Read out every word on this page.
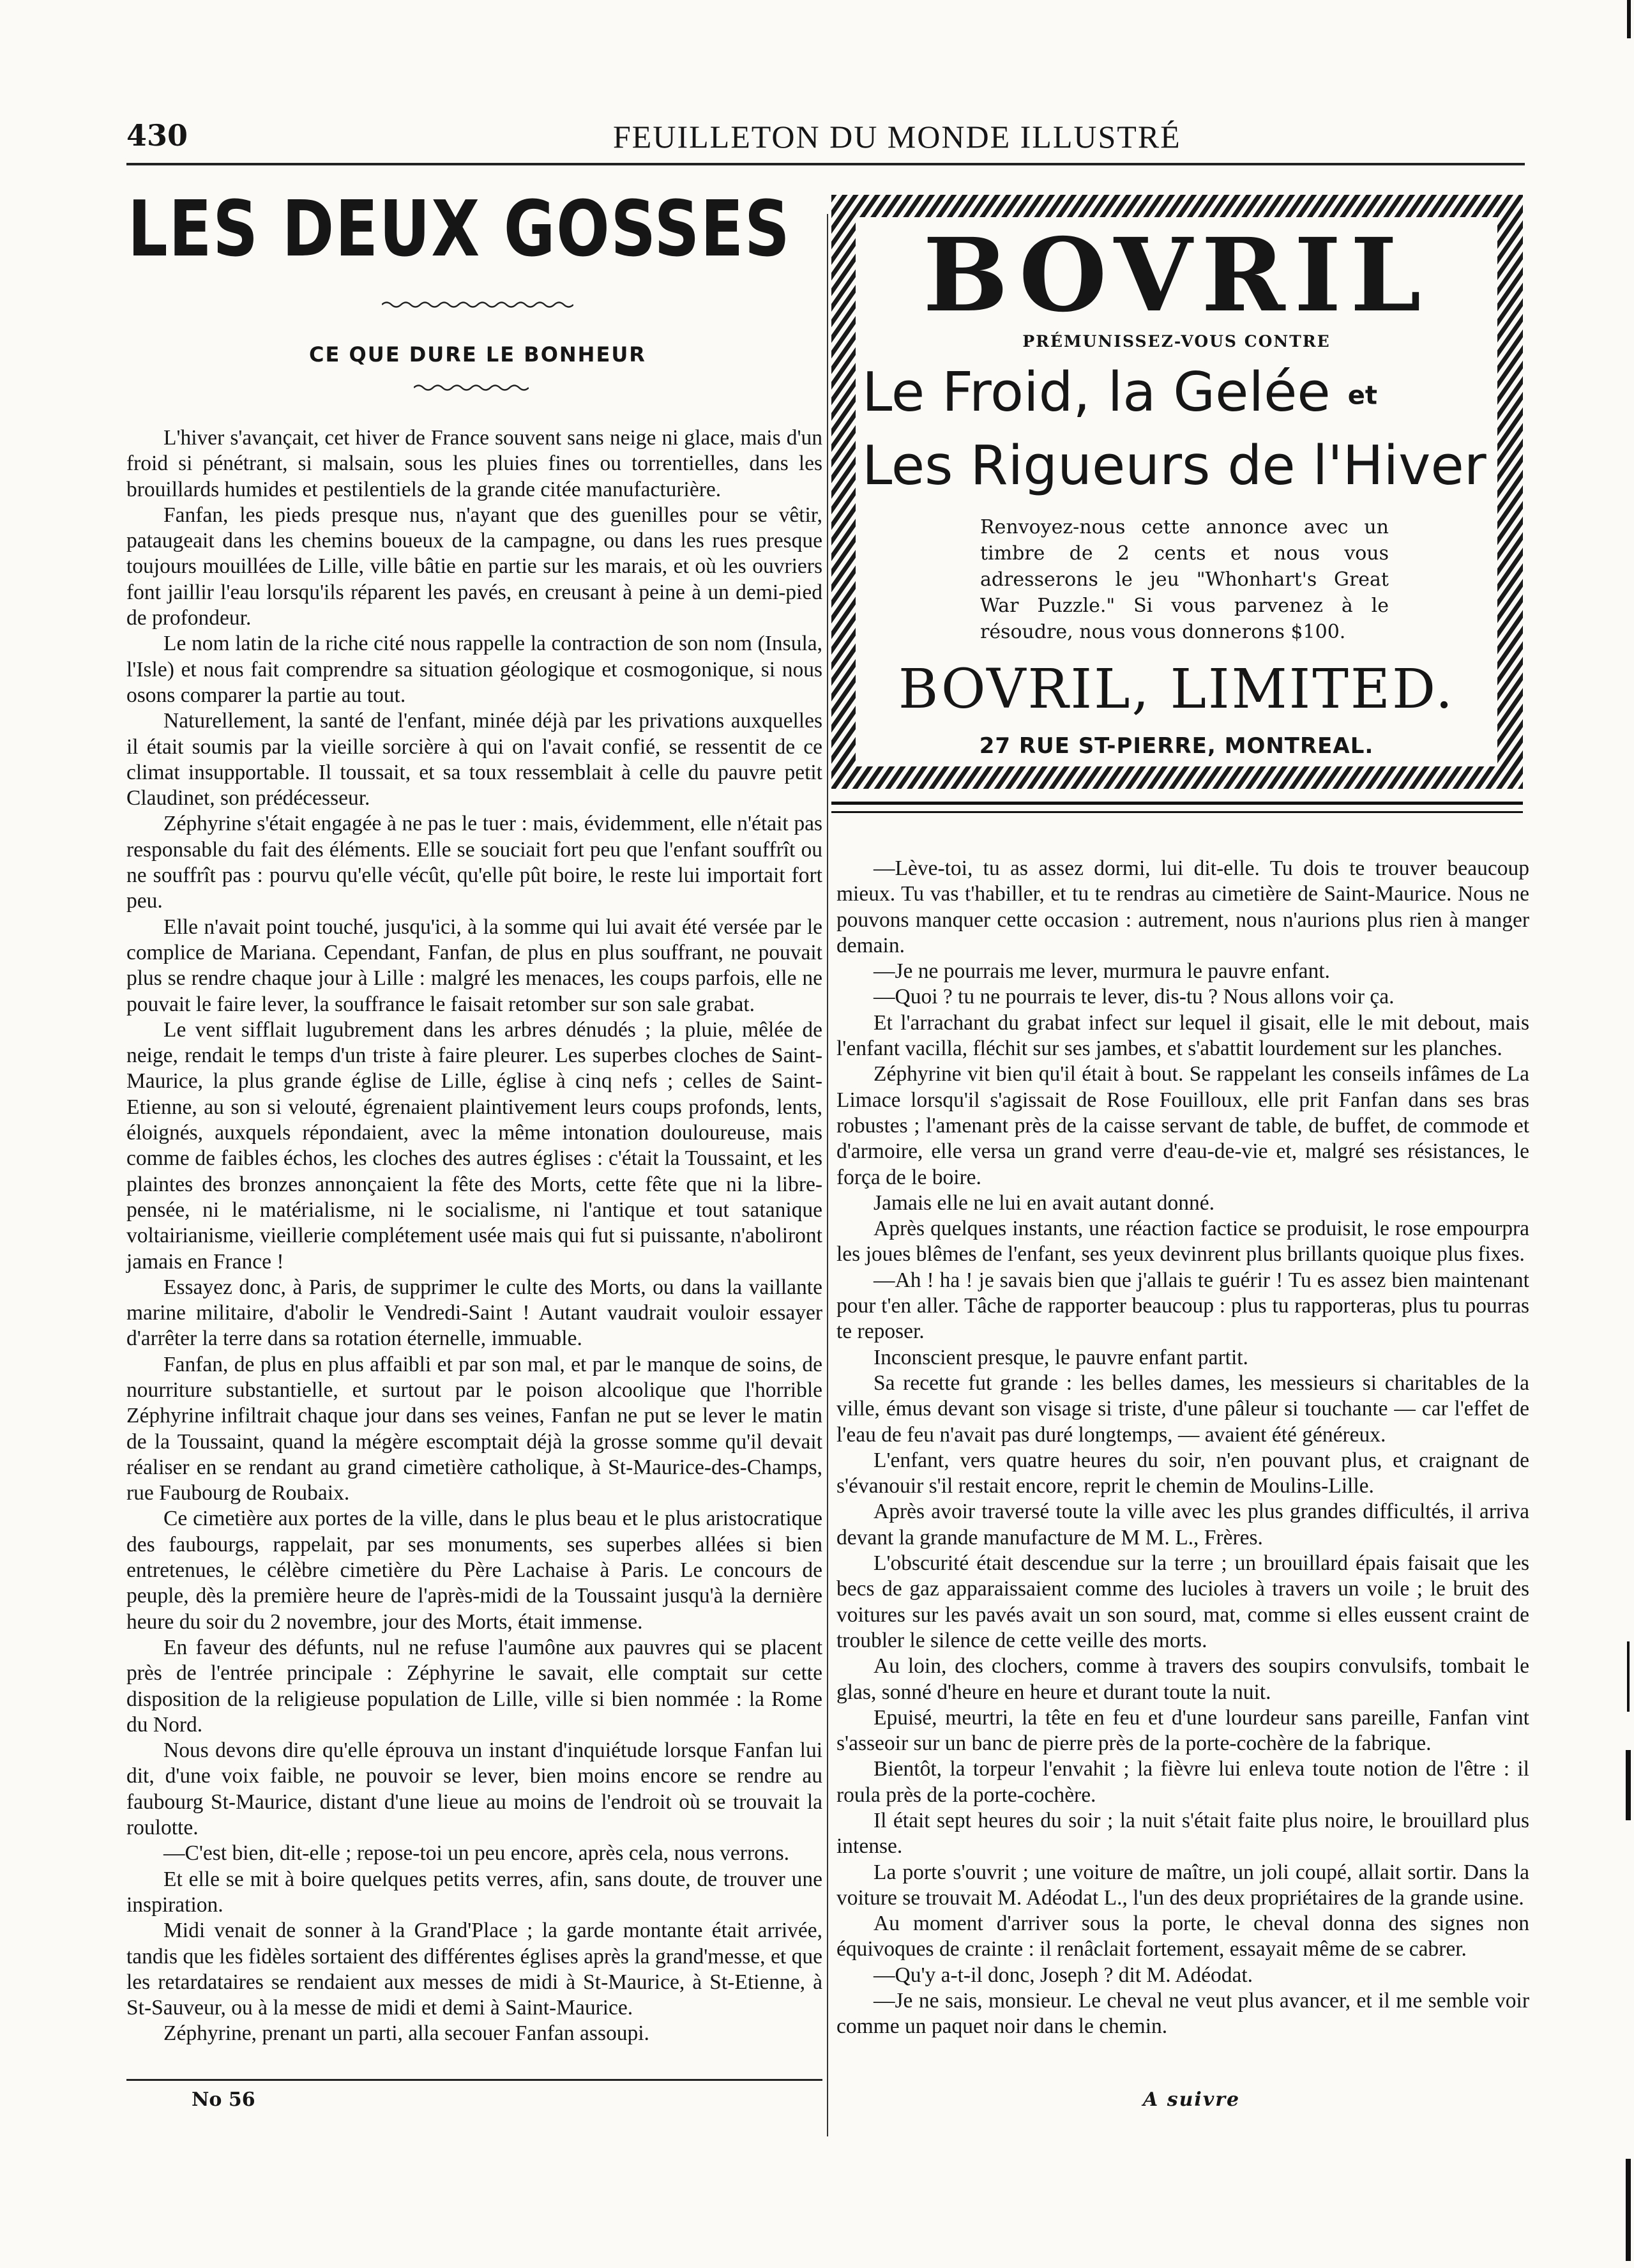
430	FEUILLETON DU MONDE ILLUSTRÉ
LES DEUX GOSSES
CE QUE DURE LE BONHEUR

L'hiver s'avançait, cet hiver de France souvent sans neige ni glace, mais d'un froid si pénétrant, si malsain, sous les pluies fines ou torrentielles, dans les brouillards humides et pestilentiels de la grande citée manufacturière.

Fanfan, les pieds presque nus, n'ayant que des guenilles pour se vêtir, pataugeait dans les chemins boueux de la campagne, ou dans les rues presque toujours mouillées de Lille, ville bâtie en partie sur les marais, et où les ouvriers font jaillir l'eau lorsqu'ils réparent les pavés, en creusant à peine à un demi-pied de profondeur.

Le nom latin de la riche cité nous rappelle la contraction de son nom (Insula, l'Isle) et nous fait comprendre sa situation géologique et cosmogonique, si nous osons comparer la partie au tout.

Naturellement, la santé de l'enfant, minée déjà par les privations auxquelles il était soumis par la vieille sorcière à qui on l'avait confié, se ressentit de ce climat insupportable. Il toussait, et sa toux ressemblait à celle du pauvre petit Claudinet, son prédécesseur.

Zéphyrine s'était engagée à ne pas le tuer : mais, évidemment, elle n'était pas responsable du fait des éléments. Elle se souciait fort peu que l'enfant souffrît ou ne souffrît pas : pourvu qu'elle vécût, qu'elle pût boire, le reste lui importait fort peu.

Elle n'avait point touché, jusqu'ici, à la somme qui lui avait été versée par le complice de Mariana. Cependant, Fanfan, de plus en plus souffrant, ne pouvait plus se rendre chaque jour à Lille : malgré les menaces, les coups parfois, elle ne pouvait le faire lever, la souffrance le faisait retomber sur son sale grabat.

Le vent sifflait lugubrement dans les arbres dénudés ; la pluie, mêlée de neige, rendait le temps d'un triste à faire pleurer. Les superbes cloches de Saint-Maurice, la plus grande église de Lille, église à cinq nefs ; celles de Saint-Etienne, au son si velouté, égrenaient plaintivement leurs coups profonds, lents, éloignés, auxquels répondaient, avec la même intonation douloureuse, mais comme de faibles échos, les cloches des autres églises : c'était la Toussaint, et les plaintes des bronzes annonçaient la fête des Morts, cette fête que ni la libre-pensée, ni le matérialisme, ni le socialisme, ni l'antique et tout satanique voltairianisme, vieillerie complétement usée mais qui fut si puissante, n'aboliront jamais en France !

Essayez donc, à Paris, de supprimer le culte des Morts, ou dans la vaillante marine militaire, d'abolir le Vendredi-Saint ! Autant vaudrait vouloir essayer d'arrêter la terre dans sa rotation éternelle, immuable.

Fanfan, de plus en plus affaibli et par son mal, et par le manque de soins, de nourriture substantielle, et surtout par le poison alcoolique que l'horrible Zéphyrine infiltrait chaque jour dans ses veines, Fanfan ne put se lever le matin de la Toussaint, quand la mégère escomptait déjà la grosse somme qu'il devait réaliser en se rendant au grand cimetière catholique, à St-Maurice-des-Champs, rue Faubourg de Roubaix.

Ce cimetière aux portes de la ville, dans le plus beau et le plus aristocratique des faubourgs, rappelait, par ses monuments, ses superbes allées si bien entretenues, le célèbre cimetière du Père Lachaise à Paris. Le concours de peuple, dès la première heure de l'après-midi de la Toussaint jusqu'à la dernière heure du soir du 2 novembre, jour des Morts, était immense.

En faveur des défunts, nul ne refuse l'aumône aux pauvres qui se placent près de l'entrée principale : Zéphyrine le savait, elle comptait sur cette disposition de la religieuse population de Lille, ville si bien nommée : la Rome du Nord.

Nous devons dire qu'elle éprouva un instant d'inquiétude lorsque Fanfan lui dit, d'une voix faible, ne pouvoir se lever, bien moins encore se rendre au faubourg St-Maurice, distant d'une lieue au moins de l'endroit où se trouvait la roulotte.

—C'est bien, dit-elle ; repose-toi un peu encore, après cela, nous verrons.

Et elle se mit à boire quelques petits verres, afin, sans doute, de trouver une inspiration.

Midi venait de sonner à la Grand'Place ; la garde montante était arrivée, tandis que les fidèles sortaient des différentes églises après la grand'messe, et que les retardataires se rendaient aux messes de midi à St-Maurice, à St-Etienne, à St-Sauveur, ou à la messe de midi et demi à Saint-Maurice.

Zéphyrine, prenant un parti, alla secouer Fanfan assoupi.

BOVRIL
PRÉMUNISSEZ-VOUS CONTRE
Le Froid, la Gelée et
Les Rigueurs de l'Hiver
Renvoyez-nous cette annonce avec un timbre de 2 cents et nous vous adresserons le jeu "Whonhart's Great War Puzzle." Si vous parvenez à le résoudre, nous vous donnerons $100.
BOVRIL, LIMITED.
27 RUE ST-PIERRE, MONTREAL.

—Lève-toi, tu as assez dormi, lui dit-elle. Tu dois te trouver beaucoup mieux. Tu vas t'habiller, et tu te rendras au cimetière de Saint-Maurice. Nous ne pouvons manquer cette occasion : autrement, nous n'aurions plus rien à manger demain.

—Je ne pourrais me lever, murmura le pauvre enfant.

—Quoi ? tu ne pourrais te lever, dis-tu ? Nous allons voir ça.

Et l'arrachant du grabat infect sur lequel il gisait, elle le mit debout, mais l'enfant vacilla, fléchit sur ses jambes, et s'abattit lourdement sur les planches.

Zéphyrine vit bien qu'il était à bout. Se rappelant les conseils infâmes de La Limace lorsqu'il s'agissait de Rose Fouilloux, elle prit Fanfan dans ses bras robustes ; l'amenant près de la caisse servant de table, de buffet, de commode et d'armoire, elle versa un grand verre d'eau-de-vie et, malgré ses résistances, le força de le boire.

Jamais elle ne lui en avait autant donné.

Après quelques instants, une réaction factice se produisit, le rose empourpra les joues blêmes de l'enfant, ses yeux devinrent plus brillants quoique plus fixes.

—Ah ! ha ! je savais bien que j'allais te guérir ! Tu es assez bien maintenant pour t'en aller. Tâche de rapporter beaucoup : plus tu rapporteras, plus tu pourras te reposer.

Inconscient presque, le pauvre enfant partit.

Sa recette fut grande : les belles dames, les messieurs si charitables de la ville, émus devant son visage si triste, d'une pâleur si touchante — car l'effet de l'eau de feu n'avait pas duré longtemps, — avaient été généreux.

L'enfant, vers quatre heures du soir, n'en pouvant plus, et craignant de s'évanouir s'il restait encore, reprit le chemin de Moulins-Lille.

Après avoir traversé toute la ville avec les plus grandes difficultés, il arriva devant la grande manufacture de M M. L., Frères.

L'obscurité était descendue sur la terre ; un brouillard épais faisait que les becs de gaz apparaissaient comme des lucioles à travers un voile ; le bruit des voitures sur les pavés avait un son sourd, mat, comme si elles eussent craint de troubler le silence de cette veille des morts.

Au loin, des clochers, comme à travers des soupirs convulsifs, tombait le glas, sonné d'heure en heure et durant toute la nuit.

Epuisé, meurtri, la tête en feu et d'une lourdeur sans pareille, Fanfan vint s'asseoir sur un banc de pierre près de la porte-cochère de la fabrique.

Bientôt, la torpeur l'envahit ; la fièvre lui enleva toute notion de l'être : il roula près de la porte-cochère.

Il était sept heures du soir ; la nuit s'était faite plus noire, le brouillard plus intense.

La porte s'ouvrit ; une voiture de maître, un joli coupé, allait sortir. Dans la voiture se trouvait M. Adéodat L., l'un des deux propriétaires de la grande usine.

Au moment d'arriver sous la porte, le cheval donna des signes non équivoques de crainte : il renâclait fortement, essayait même de se cabrer.

—Qu'y a-t-il donc, Joseph ? dit M. Adéodat.

—Je ne sais, monsieur. Le cheval ne veut plus avancer, et il me semble voir comme un paquet noir dans le chemin.

No 56	A suivre
